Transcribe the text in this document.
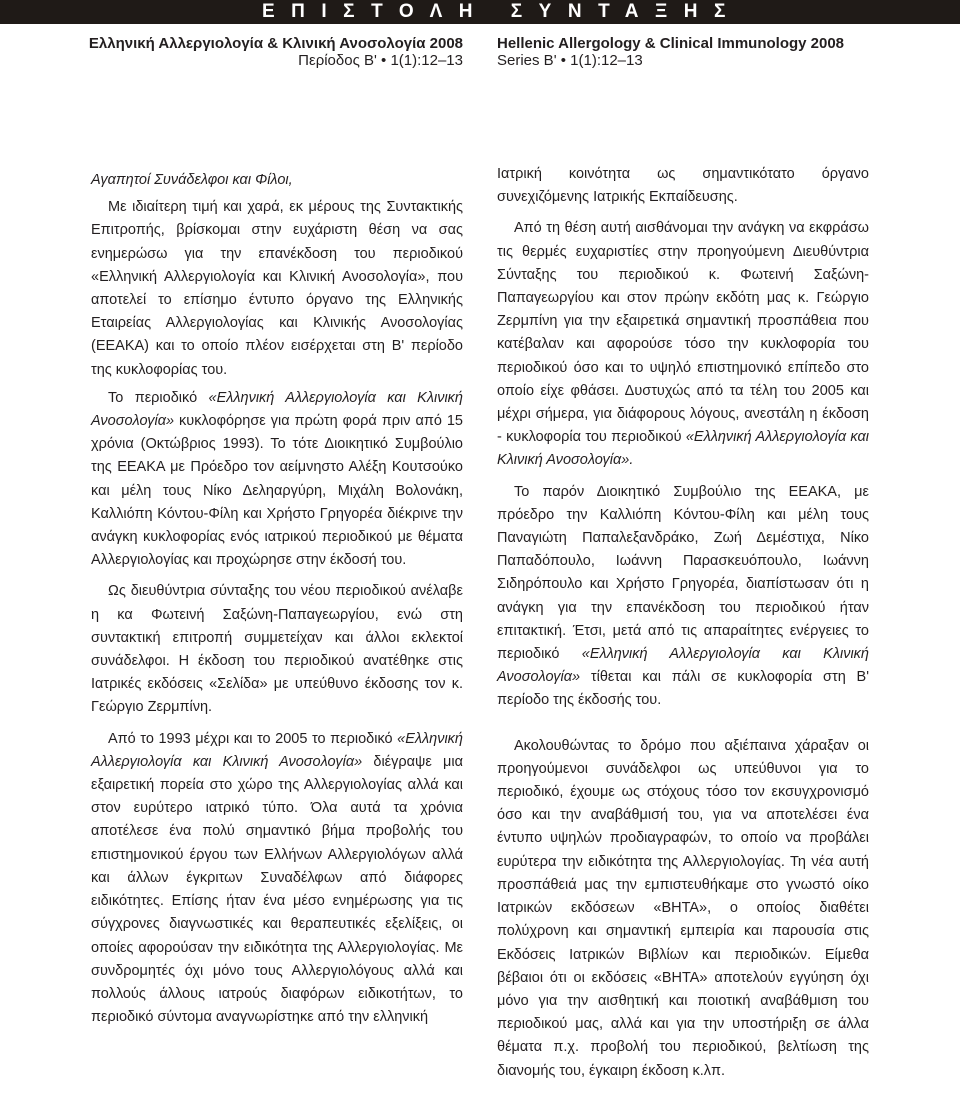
ΕΠΙΣΤΟΛΗ ΣΥΝΤΑΞΗΣ
Ελληνική Αλλεργιολογία & Κλινική Ανοσολογία 2008
Περίοδος Β' • 1(1):12–13
Hellenic Allergology & Clinical Immunology 2008
Series B' • 1(1):12–13

Αγαπητοί Συνάδελφοι και Φίλοι,

Με ιδιαίτερη τιμή και χαρά, εκ μέρους της Συντακτικής Επιτροπής, βρίσκομαι στην ευχάριστη θέση να σας ενημερώσω για την επανέκδοση του περιοδικού «Ελληνική Αλλεργιολογία και Κλινική Ανοσολογία», που αποτελεί το επίσημο έντυπο όργανο της Ελληνικής Εταιρείας Αλλεργιολογίας και Κλινικής Ανοσολογίας (ΕΕΑΚΑ) και το οποίο πλέον εισέρχεται στη Β' περίοδο της κυκλοφορίας του.

Το περιοδικό «Ελληνική Αλλεργιολογία και Κλινική Ανοσολογία» κυκλοφόρησε για πρώτη φορά πριν από 15 χρόνια (Οκτώβριος 1993). Το τότε Διοικητικό Συμβούλιο της ΕΕΑΚΑ με Πρόεδρο τον αείμνηστο Αλέξη Κουτσούκο και μέλη τους Νίκο Δεληαργύρη, Μιχάλη Βολονάκη, Καλλιόπη Κόντου-Φίλη και Χρήστο Γρηγορέα διέκρινε την ανάγκη κυκλοφορίας ενός ιατρικού περιοδικού με θέματα Αλλεργιολογίας και προχώρησε στην έκδοσή του.

Ως διευθύντρια σύνταξης του νέου περιοδικού ανέλαβε η κα Φωτεινή Σαξώνη-Παπαγεωργίου, ενώ στη συντακτική επιτροπή συμμετείχαν και άλλοι εκλεκτοί συνάδελφοι. Η έκδοση του περιοδικού ανατέθηκε στις Ιατρικές εκδόσεις «Σελίδα» με υπεύθυνο έκδοσης τον κ. Γεώργιο Ζερμπίνη.

Από το 1993 μέχρι και το 2005 το περιοδικό «Ελληνική Αλλεργιολογία και Κλινική Ανοσολογία» διέγραψε μια εξαιρετική πορεία στο χώρο της Αλλεργιολογίας αλλά και στον ευρύτερο ιατρικό τύπο. Όλα αυτά τα χρόνια αποτέλεσε ένα πολύ σημαντικό βήμα προβολής του επιστημονικού έργου των Ελλήνων Αλλεργιολόγων αλλά και άλλων έγκριτων Συναδέλφων από διάφορες ειδικότητες. Επίσης ήταν ένα μέσο ενημέρωσης για τις σύγχρονες διαγνωστικές και θεραπευτικές εξελίξεις, οι οποίες αφορούσαν την ειδικότητα της Αλλεργιολογίας. Με συνδρομητές όχι μόνο τους Αλλεργιολόγους αλλά και πολλούς άλλους ιατρούς διαφόρων ειδικοτήτων, το περιοδικό σύντομα αναγνωρίστηκε από την ελληνική

Ιατρική κοινότητα ως σημαντικότατο όργανο συνεχιζόμενης Ιατρικής Εκπαίδευσης.

Από τη θέση αυτή αισθάνομαι την ανάγκη να εκφράσω τις θερμές ευχαριστίες στην προηγούμενη Διευθύντρια Σύνταξης του περιοδικού κ. Φωτεινή Σαξώνη-Παπαγεωργίου και στον πρώην εκδότη μας κ. Γεώργιο Ζερμπίνη για την εξαιρετικά σημαντική προσπάθεια που κατέβαλαν και αφορούσε τόσο την κυκλοφορία του περιοδικού όσο και το υψηλό επιστημονικό επίπεδο στο οποίο είχε φθάσει. Δυστυχώς από τα τέλη του 2005 και μέχρι σήμερα, για διάφορους λόγους, ανεστάλη η έκδοση - κυκλοφορία του περιοδικού «Ελληνική Αλλεργιολογία και Κλινική Ανοσολογία».

Το παρόν Διοικητικό Συμβούλιο της ΕΕΑΚΑ, με πρόεδρο την Καλλιόπη Κόντου-Φίλη και μέλη τους Παναγιώτη Παπαλεξανδράκο, Ζωή Δεμέστιχα, Νίκο Παπαδόπουλο, Ιωάννη Παρασκευόπουλο, Ιωάννη Σιδηρόπουλο και Χρήστο Γρηγορέα, διαπίστωσαν ότι η ανάγκη για την επανέκδοση του περιοδικού ήταν επιτακτική. Έτσι, μετά από τις απαραίτητες ενέργειες το περιοδικό «Ελληνική Αλλεργιολογία και Κλινική Ανοσολογία» τίθεται και πάλι σε κυκλοφορία στη Β' περίοδο της έκδοσής του.

Ακολουθώντας το δρόμο που αξιέπαινα χάραξαν οι προηγούμενοι συνάδελφοι ως υπεύθυνοι για το περιοδικό, έχουμε ως στόχους τόσο τον εκσυγχρονισμό όσο και την αναβάθμισή του, για να αποτελέσει ένα έντυπο υψηλών προδιαγραφών, το οποίο να προβάλει ευρύτερα την ειδικότητα της Αλλεργιολογίας. Τη νέα αυτή προσπάθειά μας την εμπιστευθήκαμε στο γνωστό οίκο Ιατρικών εκδόσεων «ΒΗΤΑ», ο οποίος διαθέτει πολύχρονη και σημαντική εμπειρία και παρουσία στις Εκδόσεις Ιατρικών Βιβλίων και περιοδικών. Είμεθα βέβαιοι ότι οι εκδόσεις «ΒΗΤΑ» αποτελούν εγγύηση όχι μόνο για την αισθητική και ποιοτική αναβάθμιση του περιοδικού μας, αλλά και για την υποστήριξη σε άλλα θέματα π.χ. προβολή του περιοδικού, βελτίωση της διανομής του, έγκαιρη έκδοση κ.λπ.
